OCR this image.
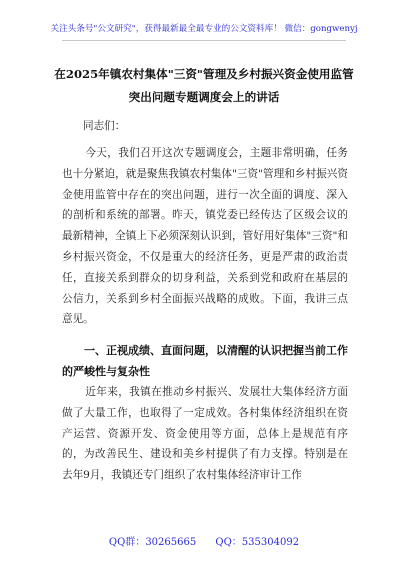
关注头条号"公文研究"，获得最新最全最专业的公文资料库！ 微信：gongwenyj
在2025年镇农村集体"三资"管理及乡村振兴资金使用监管突出问题专题调度会上的讲话
同志们：

今天，我们召开这次专题调度会，主题非常明确，任务也十分紧迫，就是聚焦我镇农村集体"三资"管理和乡村振兴资金使用监管中存在的突出问题，进行一次全面的调度、深入的剖析和系统的部署。昨天，镇党委已经传达了区级会议的最新精神，全镇上下必须深刻认识到，管好用好集体"三资"和乡村振兴资金，不仅是重大的经济任务，更是严肃的政治责任，直接关系到群众的切身利益，关系到党和政府在基层的公信力，关系到乡村全面振兴战略的成败。下面，我讲三点意见。

一、正视成绩、直面问题，以清醒的认识把握当前工作的严峻性与复杂性

近年来，我镇在推动乡村振兴、发展壮大集体经济方面做了大量工作，也取得了一定成效。各村集体经济组织在资产运营、资源开发、资金使用等方面，总体上是规范有序的，为改善民生、建设和美乡村提供了有力支撑。特别是在去年9月，我镇还专门组织了农村集体经济审计工作

QQ群：30265665 QQ：535304092
